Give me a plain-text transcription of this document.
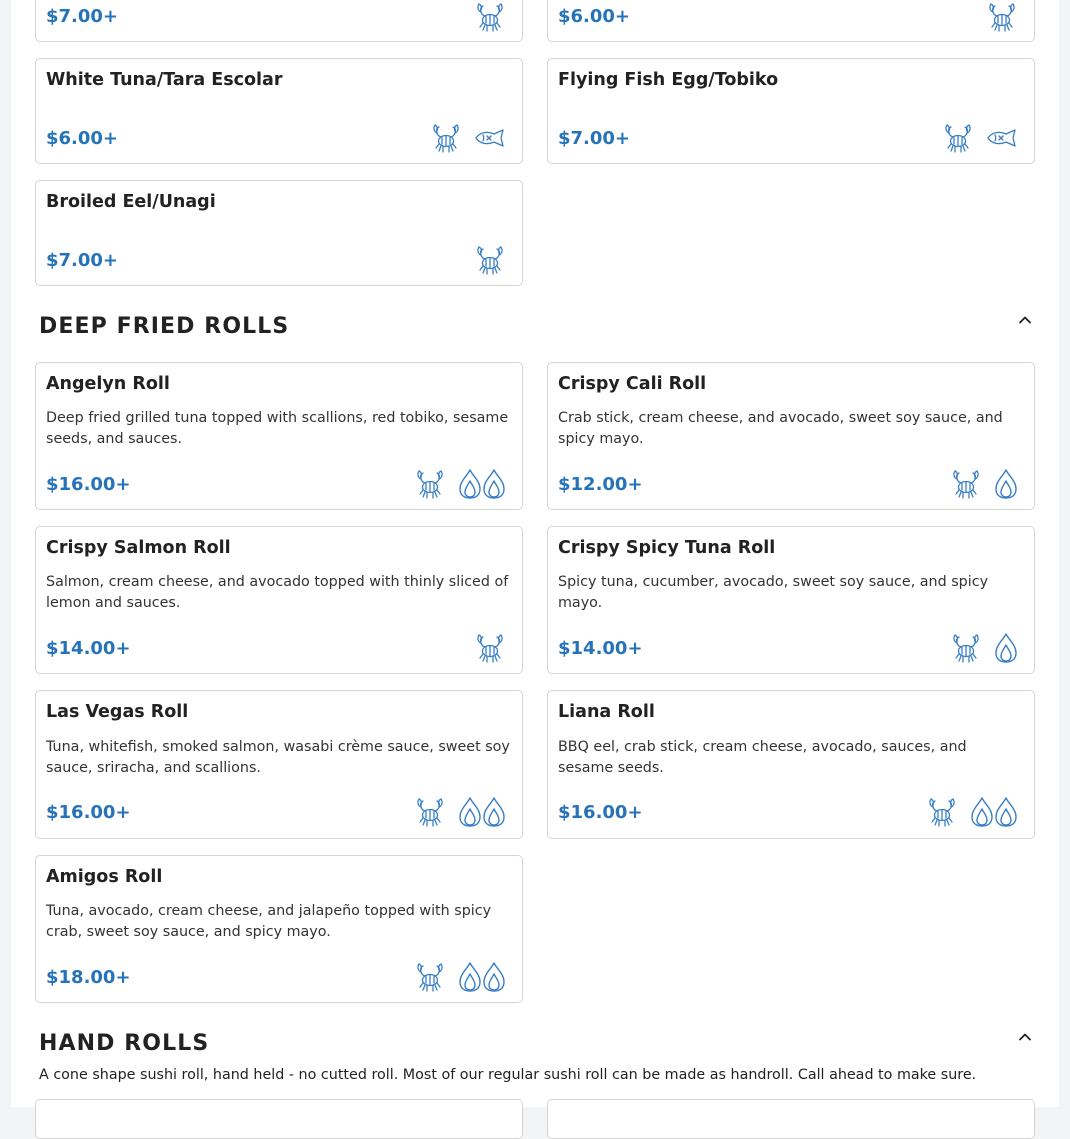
$7.00+	$6.00+
White Tuna/Tara Escolar
$6.00+
Flying Fish Egg/Tobiko
$7.00+
Broiled Eel/Unagi
$7.00+
DEEP FRIED ROLLS
Angelyn Roll
Deep fried grilled tuna topped with scallions, red tobiko, sesame seeds, and sauces.
$16.00+
Crispy Cali Roll
Crab stick, cream cheese, and avocado, sweet soy sauce, and spicy mayo.
$12.00+
Crispy Salmon Roll
Salmon, cream cheese, and avocado topped with thinly sliced of lemon and sauces.
$14.00+
Crispy Spicy Tuna Roll
Spicy tuna, cucumber, avocado, sweet soy sauce, and spicy mayo.
$14.00+
Las Vegas Roll
Tuna, whitefish, smoked salmon, wasabi crème sauce, sweet soy sauce, sriracha, and scallions.
$16.00+
Liana Roll
BBQ eel, crab stick, cream cheese, avocado, sauces, and sesame seeds.
$16.00+
Amigos Roll
Tuna, avocado, cream cheese, and jalapeño topped with spicy crab, sweet soy sauce, and spicy mayo.
$18.00+
HAND ROLLS
A cone shape sushi roll, hand held - no cutted roll. Most of our regular sushi roll can be made as handroll. Call ahead to make sure.
